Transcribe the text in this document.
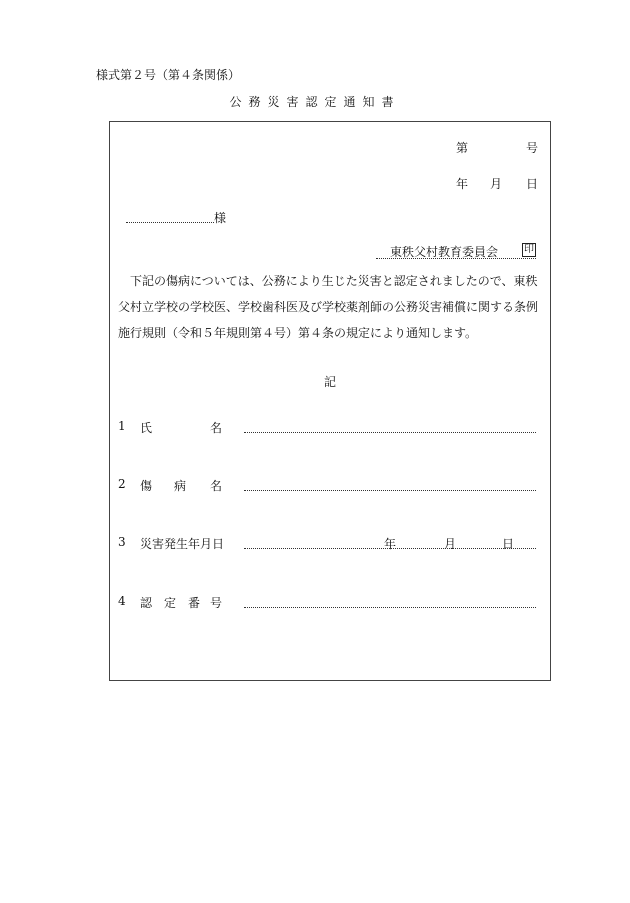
様式第２号（第４条関係）
公務災害認定通知書
第	号
年 月 日
様
東秩父村教育委員会	印
下記の傷病については、公務により生じた災害と認定されましたので、東秩父村立学校の学校医、学校歯科医及び学校薬剤師の公務災害補償に関する条例施行規則（令和５年規則第４号）第４条の規定により通知します。
記
1 氏	名
2 傷 病 名
3 災害発生年月日	年	月	日
4 認 定 番 号
